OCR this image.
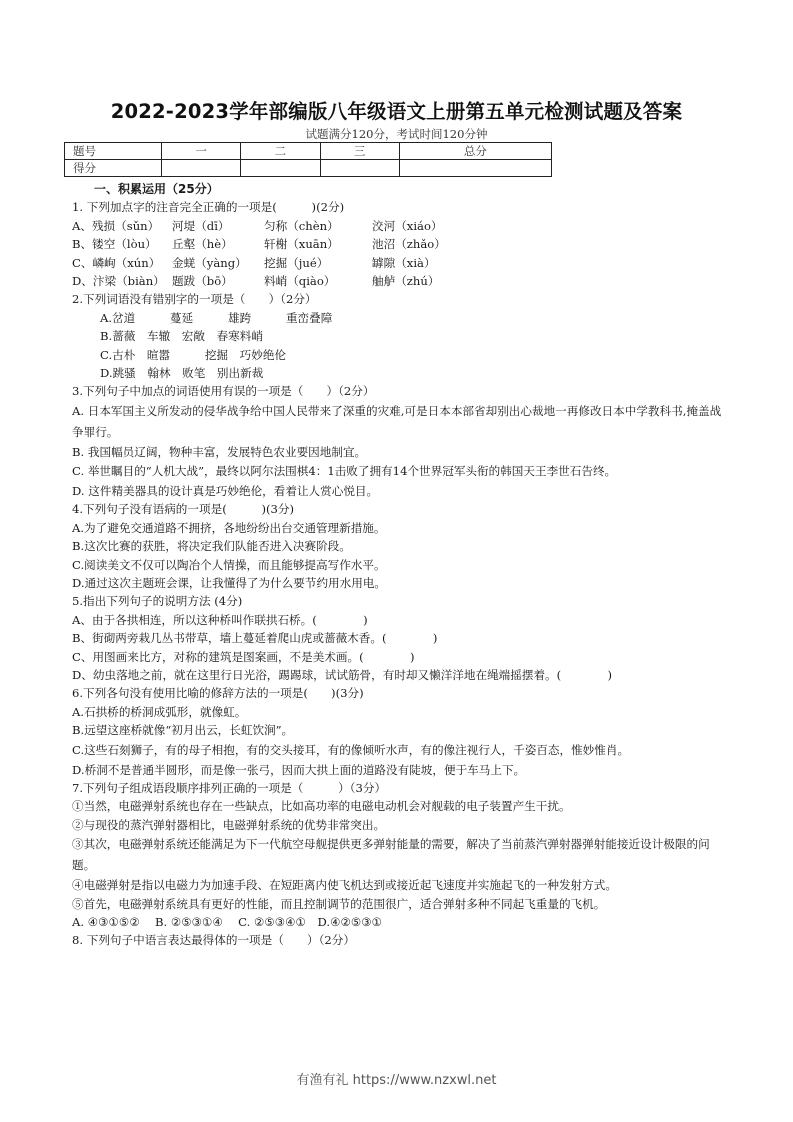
2022-2023学年部编版八年级语文上册第五单元检测试题及答案
试题满分120分，考试时间120分钟
题号	一	二	三	总分
得分				
一、积累运用（25分）
1. 下列加点字的注音完全正确的一项是(　　　)(2分)
A、残损（sǔn） 河堤（dī）	匀称（chèn）	洨河（xiáo）
B、镂空（lòu） 丘壑（hè）	轩榭（xuān）	池沼（zhǎo）
C、嶙峋（xún） 金蜣（yàng） 挖掘（jué）	罅隙（xià）
D、汴梁（biàn） 题跋（bō）	料峭（qiào）	舳舻（zhú）
2.下列词语没有错别字的一项是（　　）（2分）
A.岔道　　　蔓延　　　雄跨　　　重峦叠障
B.蔷薇　车辙　宏敞　春寒料峭
C.古朴　暄嚣　　　挖掘　巧妙绝伦
D.跳骚　翰林　败笔　别出新裁
3.下列句子中加点的词语使用有误的一项是（　　）（2分）
A. 日本军国主义所发动的侵华战争给中国人民带来了深重的灾难,可是日本本部省却别出心裁地一再修改日本中学教科书,掩盖战争罪行。
B. 我国幅员辽阔，物种丰富，发展特色农业要因地制宜。
C. 举世瞩目的“人机大战”，最终以阿尔法围棋4：1击败了拥有14个世界冠军头衔的韩国天王李世石告终。
D. 这件精美器具的设计真是巧妙绝伦，看着让人赏心悦目。
4.下列句子没有语病的一项是(　　　)(3分)
A.为了避免交通道路不拥挤，各地纷纷出台交通管理新措施。
B.这次比赛的获胜，将决定我们队能否进入决赛阶段。
C.阅读美文不仅可以陶冶个人情操，而且能够提高写作水平。
D.通过这次主题班会课，让我懂得了为什么要节约用水用电。
5.指出下列句子的说明方法 (4分)
A、由于各拱相连，所以这种桥叫作联拱石桥。(　　　　)
B、街砌两旁栽几丛书带草，墙上蔓延着爬山虎或蔷薇木香。(　　　　)
C、用图画来比方，对称的建筑是图案画，不是美术画。(　　　　)
D、幼虫落地之前，就在这里行日光浴，踢踢球，试试筋骨，有时却又懒洋洋地在绳端摇摆着。(　　　　)
6.下列各句没有使用比喻的修辞方法的一项是(　　)(3分)
A.石拱桥的桥洞成弧形，就像虹。
B.远望这座桥就像“初月出云，长虹饮涧”。
C.这些石刻狮子，有的母子相抱，有的交头接耳，有的像倾听水声，有的像注视行人，千姿百态，惟妙惟肖。
D.桥洞不是普通半圆形，而是像一张弓，因而大拱上面的道路没有陡坡，便于车马上下。
7.下列句子组成语段顺序排列正确的一项是（　　　）（3分）
①当然，电磁弹射系统也存在一些缺点，比如高功率的电磁电动机会对舰载的电子装置产生干扰。
②与现役的蒸汽弹射器相比，电磁弹射系统的优势非常突出。
③其次，电磁弹射系统还能满足为下一代航空母舰提供更多弹射能量的需要，解决了当前蒸汽弹射器弹射能接近设计极限的问题。
④电磁弹射是指以电磁力为加速手段、在短距离内使飞机达到或接近起飞速度并实施起飞的一种发射方式。
⑤首先，电磁弹射系统具有更好的性能，而且控制调节的范围很广，适合弹射多种不同起飞重量的飞机。
A. ④③①⑤②　 B. ②⑤③①④　 C. ②⑤③④①　D.④②⑤③①
8. 下列句子中语言表达最得体的一项是（　　）（2分）
有渔有礼 https://www.nzxwl.net
